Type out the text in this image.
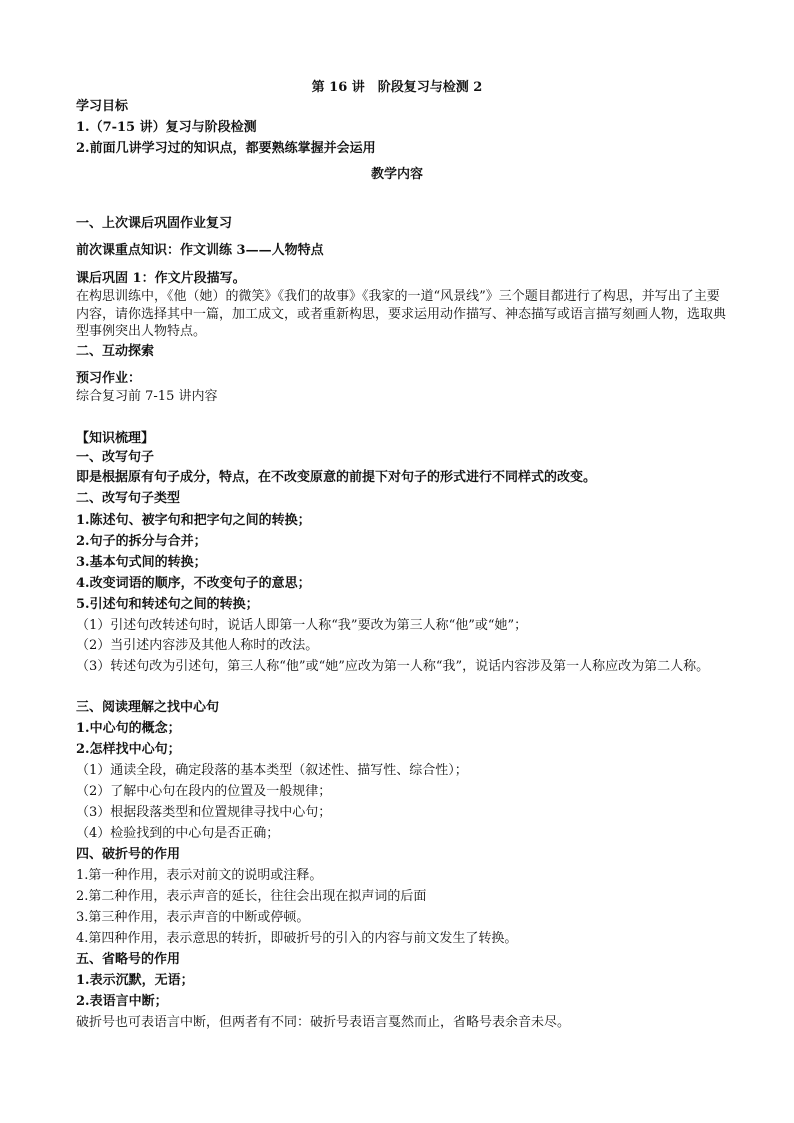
第 16 讲　阶段复习与检测 2
学习目标
1.（7-15 讲）复习与阶段检测
2.前面几讲学习过的知识点，都要熟练掌握并会运用
教学内容
一、上次课后巩固作业复习
前次课重点知识：作文训练 3——人物特点
课后巩固 1：作文片段描写。
在构思训练中，《他（她）的微笑》《我们的故事》《我家的一道“风景线”》三个题目都进行了构思，并写出了主要内容，请你选择其中一篇，加工成文，或者重新构思，要求运用动作描写、神态描写或语言描写刻画人物，选取典型事例突出人物特点。
二、互动探索
预习作业：
综合复习前 7-15 讲内容
【知识梳理】
一、改写句子
即是根据原有句子成分，特点，在不改变原意的前提下对句子的形式进行不同样式的改变。
二、改写句子类型
1.陈述句、被字句和把字句之间的转换；
2.句子的拆分与合并；
3.基本句式间的转换；
4.改变词语的顺序，不改变句子的意思；
5.引述句和转述句之间的转换；
（1）引述句改转述句时，说话人即第一人称“我”要改为第三人称“他”或“她”；
（2）当引述内容涉及其他人称时的改法。
（3）转述句改为引述句，第三人称“他”或“她”应改为第一人称“我”，说话内容涉及第一人称应改为第二人称。
三、阅读理解之找中心句
1.中心句的概念；
2.怎样找中心句；
（1）通读全段，确定段落的基本类型（叙述性、描写性、综合性）；
（2）了解中心句在段内的位置及一般规律；
（3）根据段落类型和位置规律寻找中心句；
（4）检验找到的中心句是否正确；
四、破折号的作用
1.第一种作用，表示对前文的说明或注释。
2.第二种作用，表示声音的延长，往往会出现在拟声词的后面
3.第三种作用，表示声音的中断或停顿。
4.第四种作用，表示意思的转折，即破折号的引入的内容与前文发生了转换。
五、省略号的作用
1.表示沉默，无语；
2.表语言中断；
破折号也可表语言中断，但两者有不同：破折号表语言戛然而止，省略号表余音未尽。
